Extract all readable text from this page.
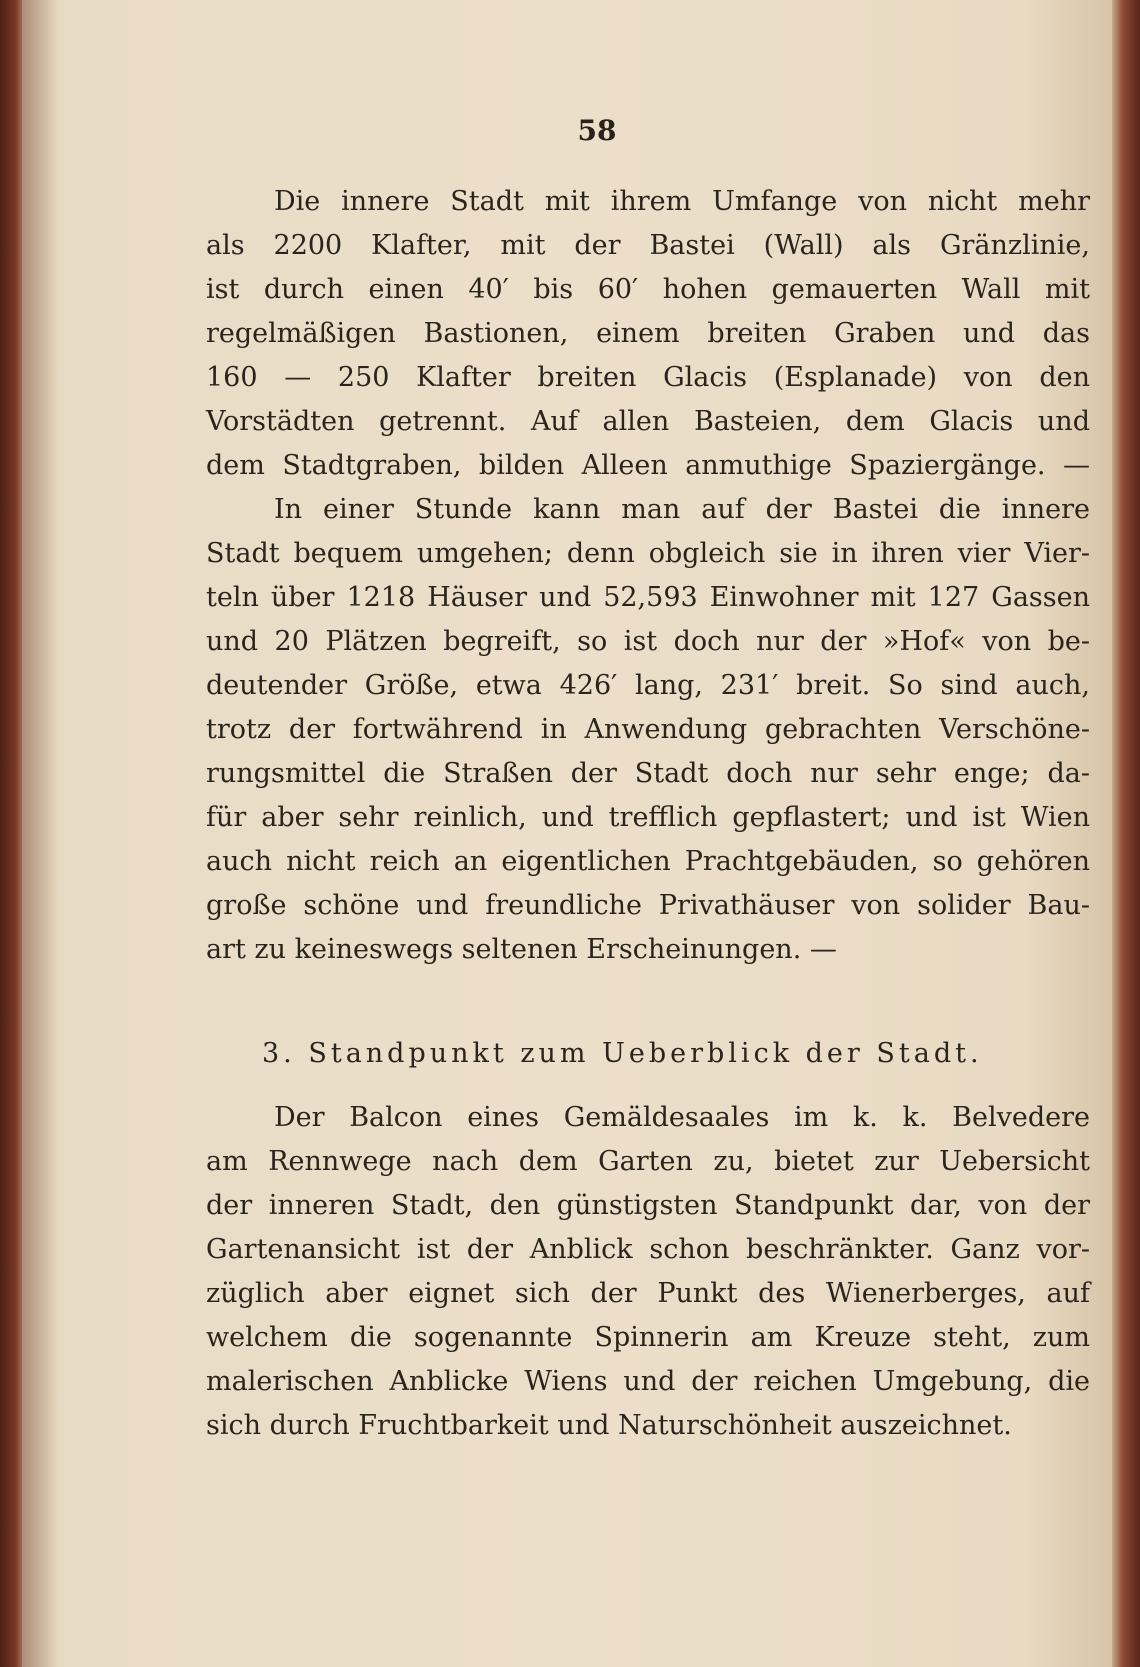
58
Die innere Stadt mit ihrem Umfange von nicht mehr
als 2200 Klafter, mit der Bastei (Wall) als Gränzlinie,
ist durch einen 40′ bis 60′ hohen gemauerten Wall mit
regelmäßigen Bastionen, einem breiten Graben und das
160 — 250 Klafter breiten Glacis (Esplanade) von den
Vorstädten getrennt. Auf allen Basteien, dem Glacis und
dem Stadtgraben, bilden Alleen anmuthige Spaziergänge. —
In einer Stunde kann man auf der Bastei die innere
Stadt bequem umgehen; denn obgleich sie in ihren vier Vier-
teln über 1218 Häuser und 52,593 Einwohner mit 127 Gassen
und 20 Plätzen begreift, so ist doch nur der »Hof« von be-
deutender Größe, etwa 426′ lang, 231′ breit. So sind auch,
trotz der fortwährend in Anwendung gebrachten Verschöne-
rungsmittel die Straßen der Stadt doch nur sehr enge; da-
für aber sehr reinlich, und trefflich gepflastert; und ist Wien
auch nicht reich an eigentlichen Prachtgebäuden, so gehören
große schöne und freundliche Privathäuser von solider Bau-
art zu keineswegs seltenen Erscheinungen. —
3. Standpunkt zum Ueberblick der Stadt.
Der Balcon eines Gemäldesaales im k. k. Belvedere
am Rennwege nach dem Garten zu, bietet zur Uebersicht
der inneren Stadt, den günstigsten Standpunkt dar, von der
Gartenansicht ist der Anblick schon beschränkter. Ganz vor-
züglich aber eignet sich der Punkt des Wienerberges, auf
welchem die sogenannte Spinnerin am Kreuze steht, zum
malerischen Anblicke Wiens und der reichen Umgebung, die
sich durch Fruchtbarkeit und Naturschönheit auszeichnet.
